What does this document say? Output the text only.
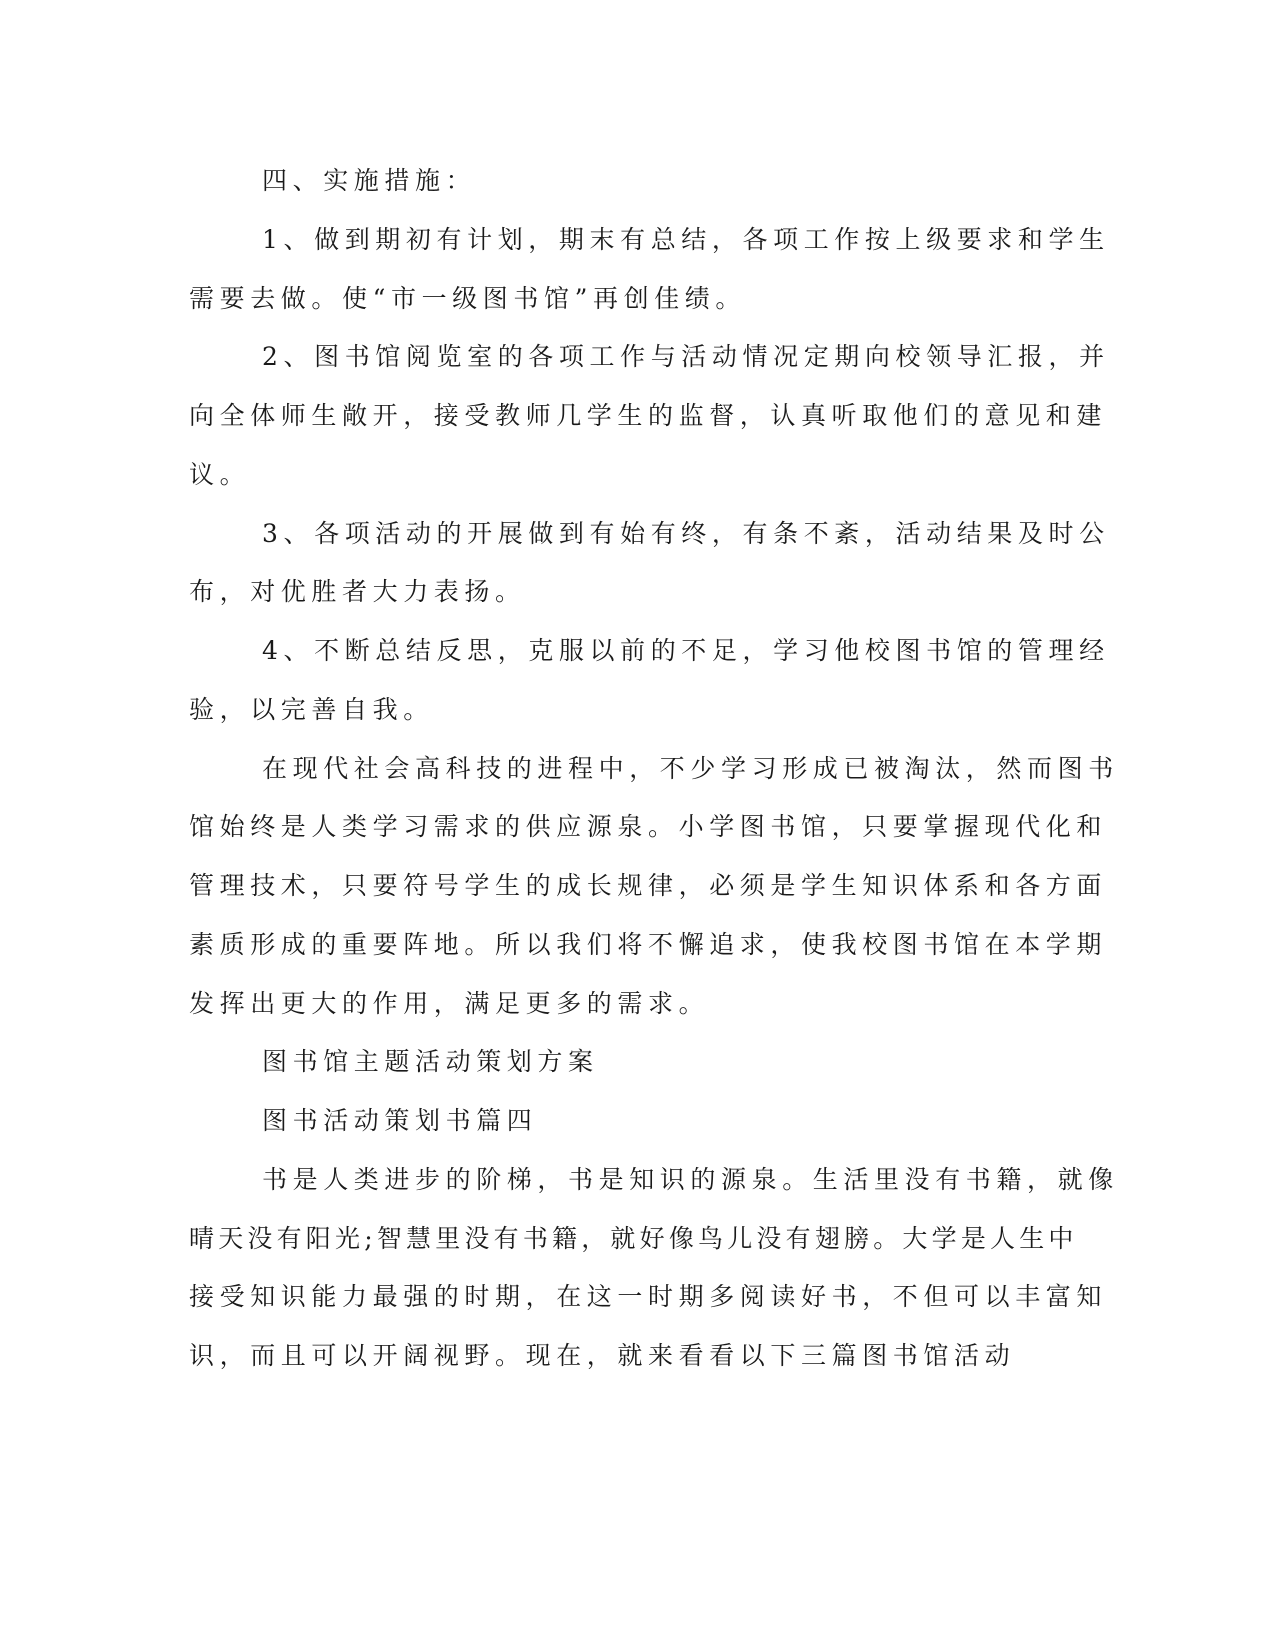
四、实施措施：

1、做到期初有计划，期末有总结，各项工作按上级要求和学生

需要去做。使“市一级图书馆”再创佳绩。

2、图书馆阅览室的各项工作与活动情况定期向校领导汇报，并

向全体师生敞开，接受教师几学生的监督，认真听取他们的意见和建

议。

3、各项活动的开展做到有始有终，有条不紊，活动结果及时公

布，对优胜者大力表扬。

4、不断总结反思，克服以前的不足，学习他校图书馆的管理经

验，以完善自我。

在现代社会高科技的进程中，不少学习形成已被淘汰，然而图书

馆始终是人类学习需求的供应源泉。小学图书馆，只要掌握现代化和

管理技术，只要符号学生的成长规律，必须是学生知识体系和各方面

素质形成的重要阵地。所以我们将不懈追求，使我校图书馆在本学期

发挥出更大的作用，满足更多的需求。

图书馆主题活动策划方案

图书活动策划书篇四

书是人类进步的阶梯，书是知识的源泉。生活里没有书籍，就像

晴天没有阳光;智慧里没有书籍，就好像鸟儿没有翅膀。大学是人生中

接受知识能力最强的时期，在这一时期多阅读好书，不但可以丰富知

识，而且可以开阔视野。现在，就来看看以下三篇图书馆活动
